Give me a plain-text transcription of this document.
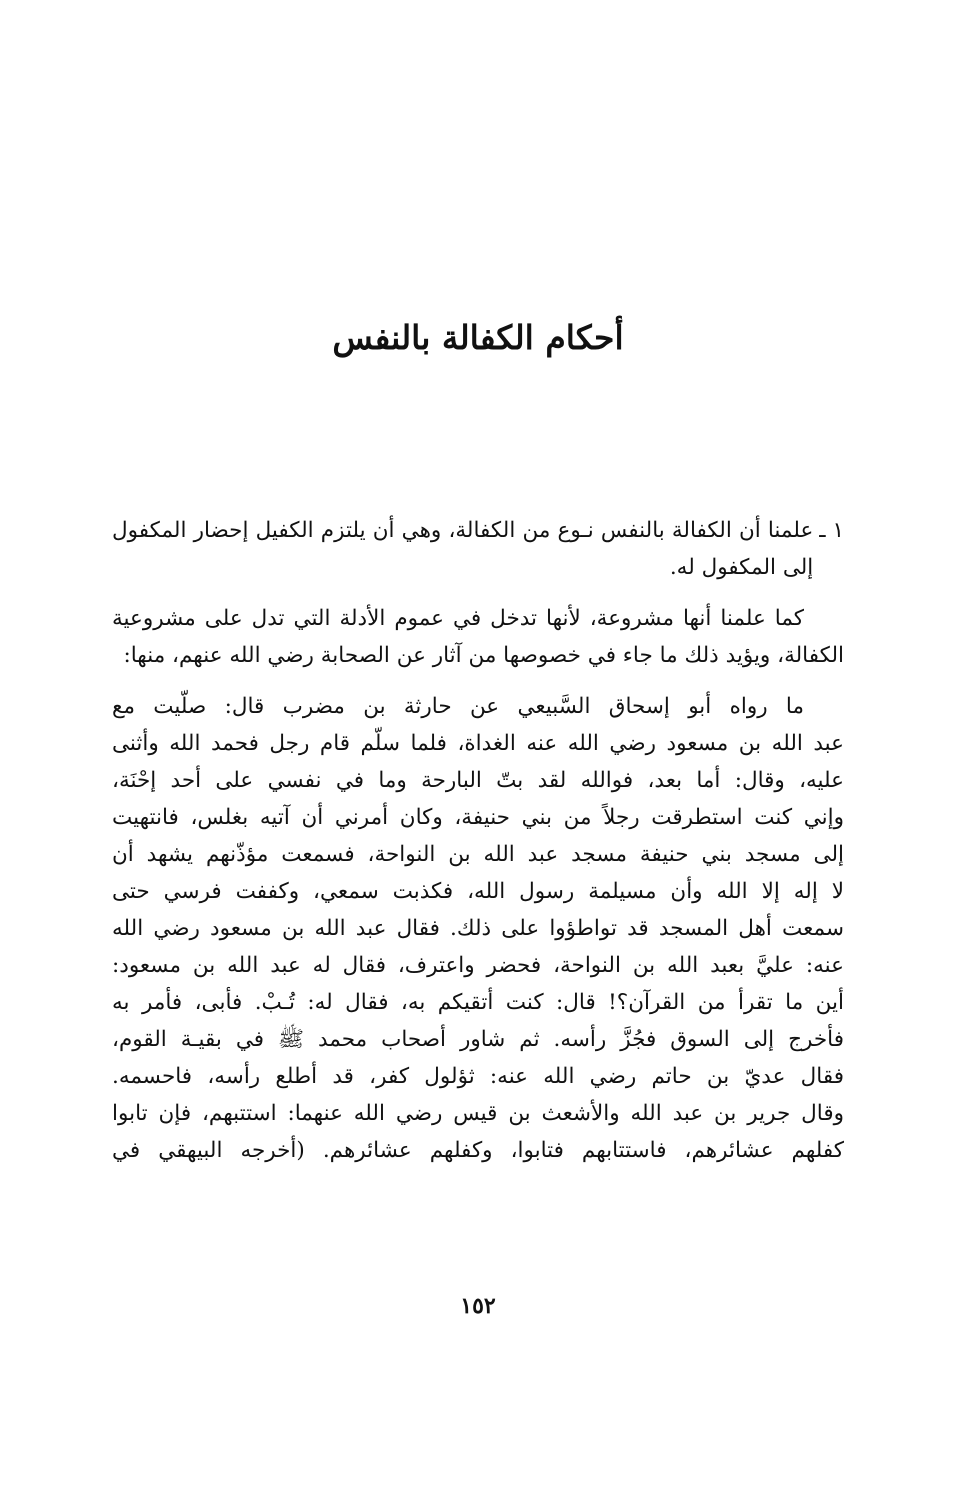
أحكام الكفالة بالنفس
١ ـ
علمنا أن الكفالة بالنفس نـوع من الكفالة، وهي أن يلتزم الكفيل إحضار المكفول إلى المكفول له.

كما علمنا أنها مشروعة، لأنها تدخل في عموم الأدلة التي تدل على مشروعية الكفالة، ويؤيد ذلك ما جاء في خصوصها من آثار عن الصحابة رضي الله عنهم، منها:

ما رواه أبو إسحاق السَّبيعي عن حارثة بن مضرب قال: صلّيت مع
عبد الله بن مسعود رضي الله عنه الغداة، فلما سلّم قام رجل فحمد الله وأثنى
عليه، وقال: أما بعد، فوالله لقد بتّ البارحة وما في نفسي على أحد إحْنَة،
وإني كنت استطرقت رجلاً من بني حنيفة، وكان أمرني أن آتيه بغلس، فانتهيت
إلى مسجد بني حنيفة مسجد عبد الله بن النواحة، فسمعت مؤذّنهم يشهد أن
لا إله إلا الله وأن مسيلمة رسول الله، فكذبت سمعي، وكففت فرسي حتى
سمعت أهل المسجد قد تواطؤوا على ذلك. فقال عبد الله بن مسعود رضي الله
عنه: عليَّ بعبد الله بن النواحة، فحضر واعترف، فقال له عبد الله بن مسعود:
أين ما تقرأ من القرآن؟! قال: كنت أتقيكم به، فقال له: تُـبْ. فأبى، فأمر به
فأخرج إلى السوق فجُزَّ رأسه. ثم شاور أصحاب محمد ﷺ في بقيـة القوم،
فقال عديّ بن حاتم رضي الله عنه: ثؤلول كفر، قد أطلع رأسه، فاحسمه.
وقال جرير بن عبد الله والأشعث بن قيس رضي الله عنهما: استتبهم، فإن تابوا
كفلهم عشائرهم، فاستتابهم فتابوا، وكفلهم عشائرهم. (أخرجه البيهقي في
١٥٢
